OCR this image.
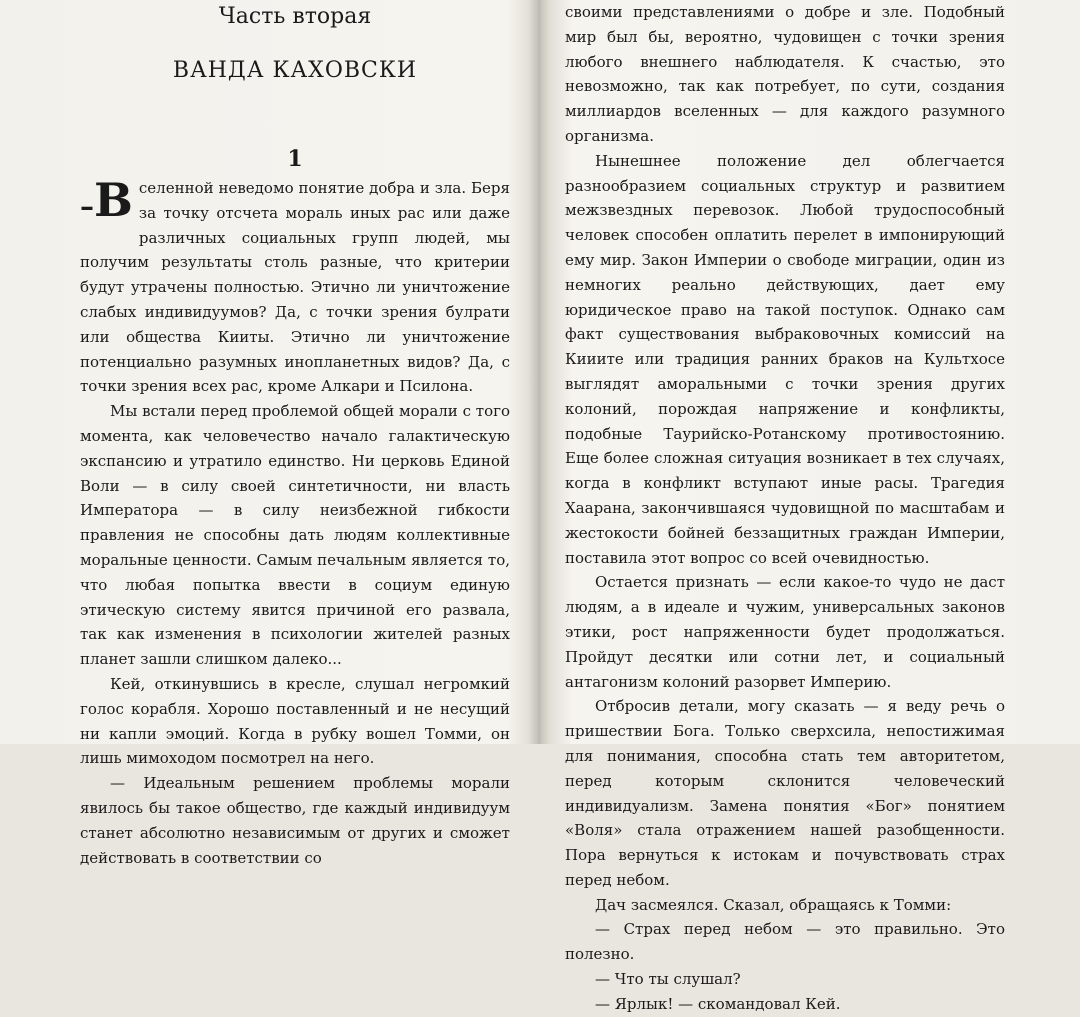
Часть вторая
ВАНДА КАХОВСКИ
1

–В селенной неведомо понятие добра и зла. Беря за точку отсчета мораль иных рас или даже различных социальных групп людей, мы получим результаты столь разные, что критерии будут утрачены полностью. Этично ли уничтожение слабых индивидуумов? Да, с точки зрения булрати или общества Кииты. Этично ли уничтожение потенциально разумных инопланетных видов? Да, с точки зрения всех рас, кроме Алкари и Псилона.

Мы встали перед проблемой общей морали с того момента, как человечество начало галактическую экспансию и утратило единство. Ни церковь Единой Воли — в силу своей синтетичности, ни власть Императора — в силу неизбежной гибкости правления не способны дать людям коллективные моральные ценности. Самым печальным является то, что любая попытка ввести в социум единую этическую систему явится причиной его развала, так как изменения в психологии жителей разных планет зашли слишком далеко...

Кей, откинувшись в кресле, слушал негромкий голос корабля. Хорошо поставленный и не несущий ни капли эмоций. Когда в рубку вошел Томми, он лишь мимоходом посмотрел на него.

— Идеальным решением проблемы морали явилось бы такое общество, где каждый индивидуум станет абсолютно независимым от других и сможет действовать в соответствии со

своими представлениями о добре и зле. Подобный мир был бы, вероятно, чудовищен с точки зрения любого внешнего наблюдателя. К счастью, это невозможно, так как потребует, по сути, создания миллиардов вселенных — для каждого разумного организма.

Нынешнее положение дел облегчается разнообразием социальных структур и развитием межзвездных перевозок. Любой трудоспособный человек способен оплатить перелет в импонирующий ему мир. Закон Империи о свободе миграции, один из немногих реально действующих, дает ему юридическое право на такой поступок. Однако сам факт существования выбраковочных комиссий на Кииите или традиция ранних браков на Культхосе выглядят аморальными с точки зрения других колоний, порождая напряжение и конфликты, подобные Таурийско-Ротанскому противостоянию. Еще более сложная ситуация возникает в тех случаях, когда в конфликт вступают иные расы. Трагедия Хаарана, закончившаяся чудовищной по масштабам и жестокости бойней беззащитных граждан Империи, поставила этот вопрос со всей очевидностью.

Остается признать — если какое-то чудо не даст людям, а в идеале и чужим, универсальных законов этики, рост напряженности будет продолжаться. Пройдут десятки или сотни лет, и социальный антагонизм колоний разорвет Империю.

Отбросив детали, могу сказать — я веду речь о пришествии Бога. Только сверхсила, непостижимая для понимания, способна стать тем авторитетом, перед которым склонится человеческий индивидуализм. Замена понятия «Бог» понятием «Воля» стала отражением нашей разобщенности. Пора вернуться к истокам и почувствовать страх перед небом.

Дач засмеялся. Сказал, обращаясь к Томми:

— Страх перед небом — это правильно. Это полезно.

— Что ты слушал?

— Ярлык! — скомандовал Кей.
